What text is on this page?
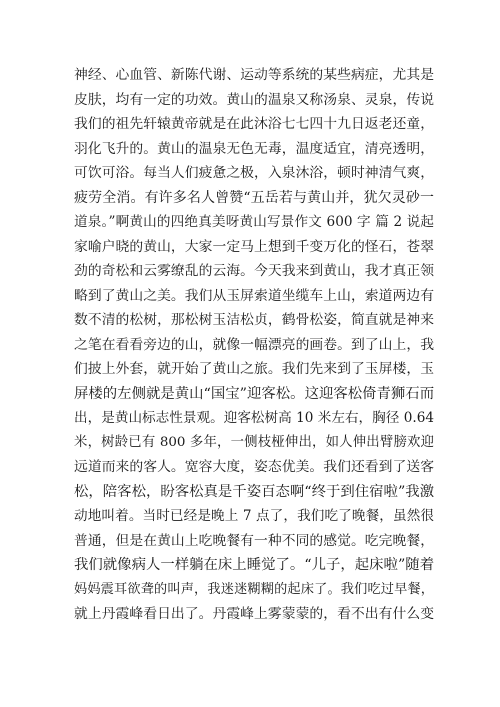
神经、心血管、新陈代谢、运动等系统的某些病症，尤其是
皮肤，均有一定的功效。黄山的温泉又称汤泉、灵泉，传说
我们的祖先轩辕黄帝就是在此沐浴七七四十九日返老还童，
羽化飞升的。黄山的温泉无色无毒，温度适宜，清亮透明，
可饮可浴。每当人们疲惫之极，入泉沐浴，顿时神清气爽，
疲劳全消。有许多名人曾赞“五岳若与黄山并，犹欠灵砂一
道泉。”啊黄山的四绝真美呀黄山写景作文 600 字 篇 2 说起
家喻户晓的黄山，大家一定马上想到千变万化的怪石，苍翠
劲的奇松和云雾缭乱的云海。今天我来到黄山，我才真正领
略到了黄山之美。我们从玉屏索道坐缆车上山，索道两边有
数不清的松树，那松树玉洁松贞，鹤骨松姿，简直就是神来
之笔在看看旁边的山，就像一幅漂亮的画卷。到了山上，我
们披上外套，就开始了黄山之旅。我们先来到了玉屏楼，玉
屏楼的左侧就是黄山“国宝”迎客松。这迎客松倚青狮石而
出，是黄山标志性景观。迎客松树高 10 米左右，胸径 0.64
米，树龄已有 800 多年，一侧枝桠伸出，如人伸出臂膀欢迎
远道而来的客人。宽容大度，姿态优美。我们还看到了送客
松，陪客松，盼客松真是千姿百态啊“终于到住宿啦”我激
动地叫着。当时已经是晚上 7 点了，我们吃了晚餐，虽然很
普通，但是在黄山上吃晚餐有一种不同的感觉。吃完晚餐，
我们就像病人一样躺在床上睡觉了。“儿子，起床啦”随着
妈妈震耳欲聋的叫声，我迷迷糊糊的起床了。我们吃过早餐，
就上丹霞峰看日出了。丹霞峰上雾蒙蒙的，看不出有什么变
